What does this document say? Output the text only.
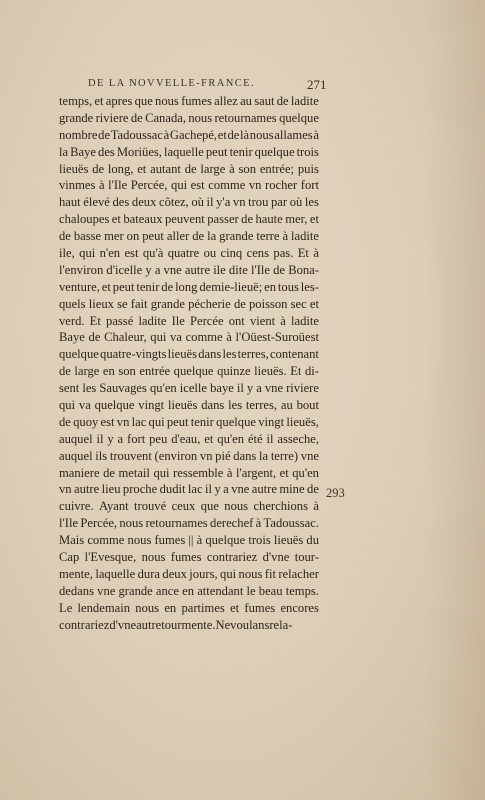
DE LA NOVVELLE-FRANCE.	271
temps, et apres que nous fumes allez au saut de ladite
grande riviere de Canada, nous retournames quelque
nombre de Tadoussac à Gachepé, et de là nous allames à
la Baye des Moriües, laquelle peut tenir quelque trois
lieuës de long, et autant de large à son entrée; puis
vinmes à l'Ile Percée, qui est comme vn rocher fort
haut élevé des deux côtez, où il y'a vn trou par où les
chaloupes et bateaux peuvent passer de haute mer, et
de basse mer on peut aller de la grande terre à ladite
ile, qui n'en est qu'à quatre ou cinq cens pas. Et à
l'environ d'icelle y a vne autre ile dite l'Ile de Bona-
venture, et peut tenir de long demie-lieuë; en tous les-
quels lieux se fait grande pécherie de poisson sec et
verd. Et passé ladite Ile Percée ont vient à ladite
Baye de Chaleur, qui va comme à l'Oüest-Suroüest
quelque quatre-vingts lieuës dans les terres, contenant
de large en son entrée quelque quinze lieuës. Et di-
sent les Sauvages qu'en icelle baye il y a vne riviere
qui va quelque vingt lieuës dans les terres, au bout
de quoy est vn lac qui peut tenir quelque vingt lieuës,
auquel il y a fort peu d'eau, et qu'en été il asseche,
auquel ils trouvent (environ vn pié dans la terre) vne
maniere de metail qui ressemble à l'argent, et qu'en
vn autre lieu proche dudit lac il y a vne autre mine de
cuivre. Ayant trouvé ceux que nous cherchions à
l'Ile Percée, nous retournames derechef à Tadoussac.
Mais comme nous fumes || à quelque trois lieuës du
Cap l'Evesque, nous fumes contrariez d'vne tour-
mente, laquelle dura deux jours, qui nous fit relacher
dedans vne grande ance en attendant le beau temps.
Le lendemain nous en partimes et fumes encores
contrariez d'vne autre tourmente. Ne voulans rela-
293
